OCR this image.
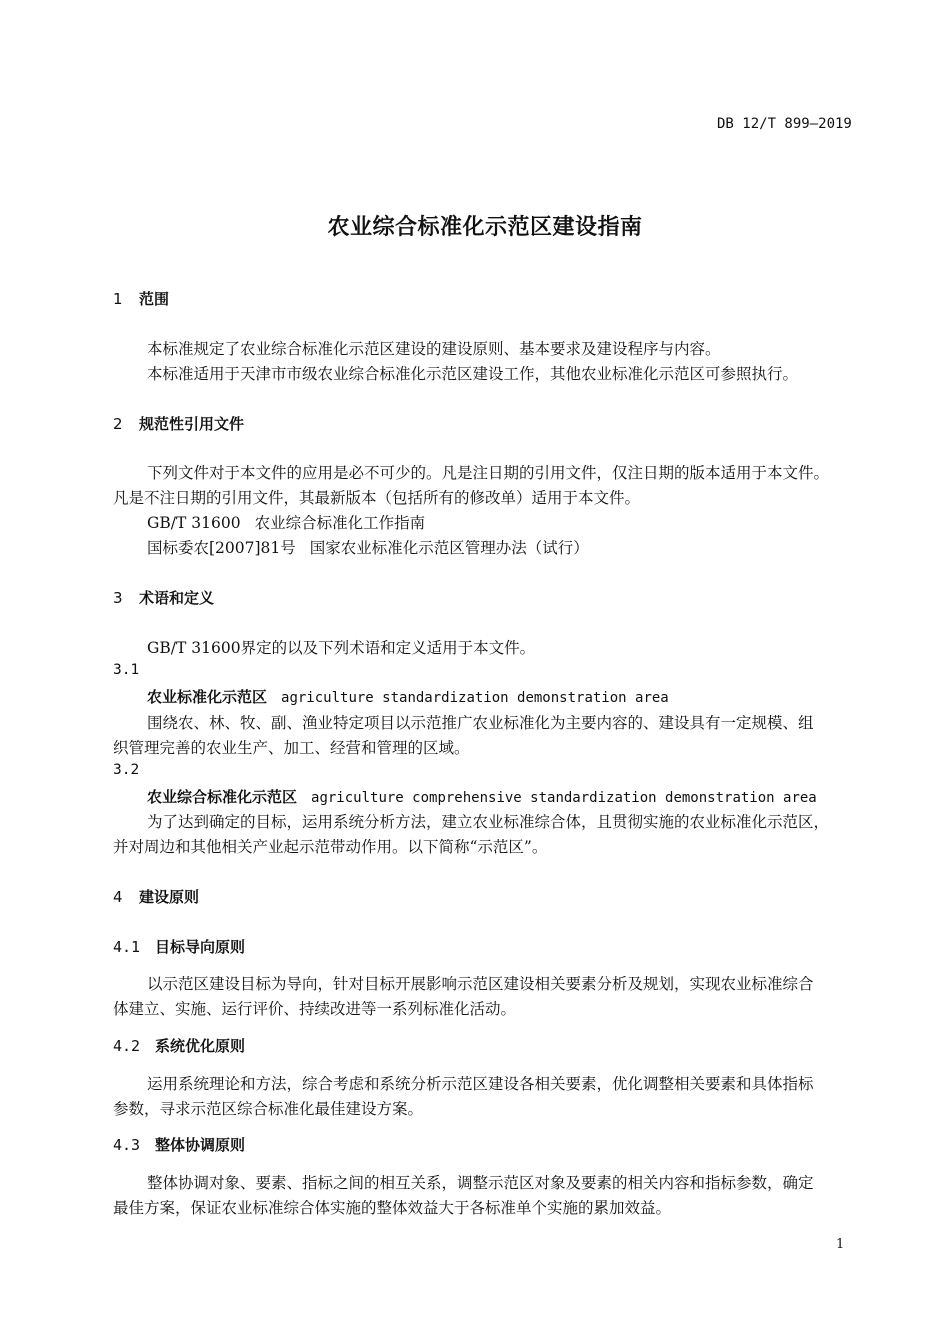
DB 12/T 899—2019
农业综合标准化示范区建设指南
1 范围
本标准规定了农业综合标准化示范区建设的建设原则、基本要求及建设程序与内容。
本标准适用于天津市市级农业综合标准化示范区建设工作，其他农业标准化示范区可参照执行。
2 规范性引用文件
下列文件对于本文件的应用是必不可少的。凡是注日期的引用文件，仅注日期的版本适用于本文件。
凡是不注日期的引用文件，其最新版本（包括所有的修改单）适用于本文件。
GB/T 31600 农业综合标准化工作指南
国标委农[2007]81号 国家农业标准化示范区管理办法（试行）
3 术语和定义
GB/T 31600界定的以及下列术语和定义适用于本文件。
3.1
农业标准化示范区 agriculture standardization demonstration area
围绕农、林、牧、副、渔业特定项目以示范推广农业标准化为主要内容的、建设具有一定规模、组
织管理完善的农业生产、加工、经营和管理的区域。
3.2
农业综合标准化示范区 agriculture comprehensive standardization demonstration area
为了达到确定的目标，运用系统分析方法，建立农业标准综合体，且贯彻实施的农业标准化示范区，
并对周边和其他相关产业起示范带动作用。以下简称“示范区”。
4 建设原则
4.1 目标导向原则
以示范区建设目标为导向，针对目标开展影响示范区建设相关要素分析及规划，实现农业标准综合
体建立、实施、运行评价、持续改进等一系列标准化活动。
4.2 系统优化原则
运用系统理论和方法，综合考虑和系统分析示范区建设各相关要素，优化调整相关要素和具体指标
参数，寻求示范区综合标准化最佳建设方案。
4.3 整体协调原则
整体协调对象、要素、指标之间的相互关系，调整示范区对象及要素的相关内容和指标参数，确定
最佳方案，保证农业标准综合体实施的整体效益大于各标准单个实施的累加效益。
1
